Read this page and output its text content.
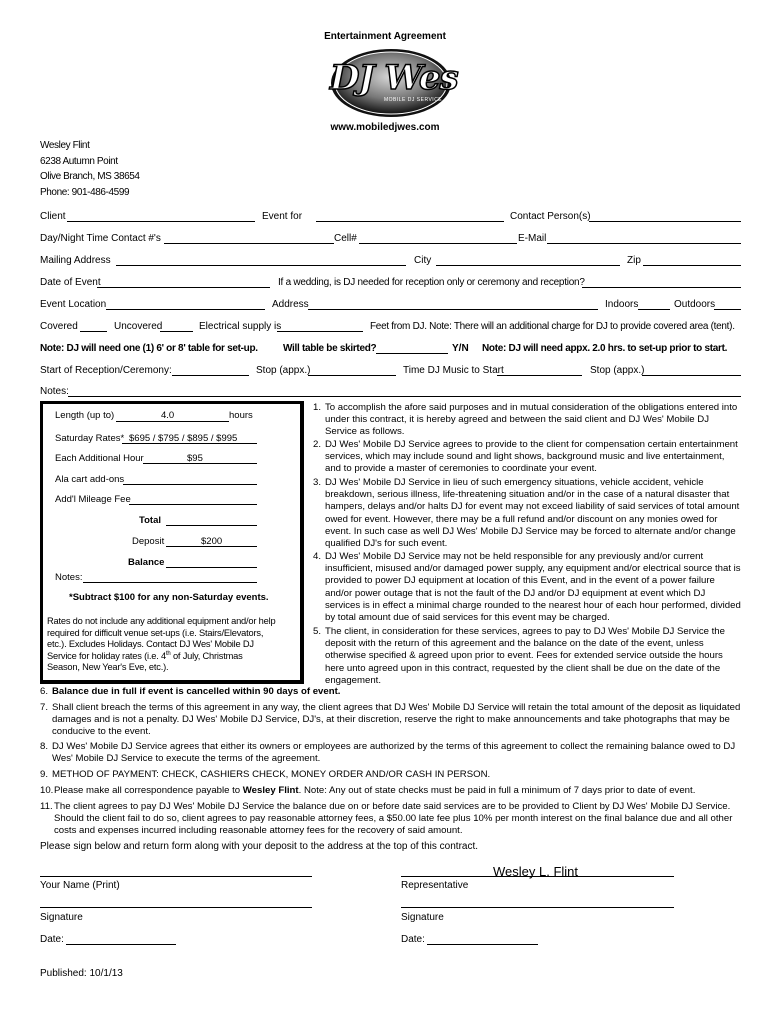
Entertainment Agreement
DJ Wes
MOBILE DJ SERVICE
www.mobiledjwes.com
Wesley Flint
6238 Autumn Point
Olive Branch, MS 38654
Phone: 901-486-4599
Client	Event for	Contact Person(s)
Day/Night Time Contact #'s	Cell#	E-Mail
Mailing Address	City	Zip
Date of Event	If a wedding, is DJ needed for reception only or ceremony and reception?
Event Location	Address	Indoors	Outdoors
Covered	Uncovered	Electrical supply is	Feet from DJ. Note: There will an additional charge for DJ to provide covered area (tent).
Note: DJ will need one (1) 6' or 8' table for set-up.	Will table be skirted?	Y/N Note: DJ will need appx. 2.0 hrs. to set-up prior to start.
Start of Reception/Ceremony:	Stop (appx.)	Time DJ Music to Start	Stop (appx.)
Notes:
Length (up to)	4.0	hours
Saturday Rates* $695 / $795 / $895 / $995
Each Additional Hour	$95
Ala cart add-ons
Add'l Mileage Fee
Total
Deposit	$200
Balance
Notes:
*Subtract $100 for any non-Saturday events.
Rates do not include any additional equipment and/or help
required for difficult venue set-ups (i.e. Stairs/Elevators,
etc.). Excludes Holidays. Contact DJ Wes' Mobile DJ
Service for holiday rates (i.e. 4th of July, Christmas
Season, New Year's Eve, etc.).
1. To accomplish the afore said purposes and in mutual consideration of the obligations entered into under this contract, it is hereby agreed and between the said client and DJ Wes' Mobile DJ Service as follows.
2. DJ Wes' Mobile DJ Service agrees to provide to the client for compensation certain entertainment services, which may include sound and light shows, background music and live entertainment, and to provide a master of ceremonies to coordinate your event.
3. DJ Wes' Mobile DJ Service in lieu of such emergency situations, vehicle accident, vehicle breakdown, serious illness, life-threatening situation and/or in the case of a natural disaster that hampers, delays and/or halts DJ for event may not exceed liability of said services of total amount owed for event. However, there may be a full refund and/or discount on any monies owed for event. In such case as well DJ Wes' Mobile DJ Service may be forced to alternate and/or change qualified DJ's for such event.
4. DJ Wes' Mobile DJ Service may not be held responsible for any previously and/or current insufficient, misused and/or damaged power supply, any equipment and/or electrical source that is provided to power DJ equipment at location of this Event, and in the event of a power failure and/or power outage that is not the fault of the DJ and/or DJ equipment at event which DJ services is in effect a minimal charge rounded to the nearest hour of each hour performed, divided by total amount due of said services for this event may be charged.
5. The client, in consideration for these services, agrees to pay to DJ Wes' Mobile DJ Service the deposit with the return of this agreement and the balance on the date of the event, unless otherwise specified & agreed upon prior to event. Fees for extended service outside the hours here unto agreed upon in this contract, requested by the client shall be due on the date of the engagement.
6. Balance due in full if event is cancelled within 90 days of event.
7. Shall client breach the terms of this agreement in any way, the client agrees that DJ Wes' Mobile DJ Service will retain the total amount of the deposit as liquidated damages and is not a penalty. DJ Wes' Mobile DJ Service, DJ's, at their discretion, reserve the right to make announcements and take photographs that may be conducive to the event.
8. DJ Wes' Mobile DJ Service agrees that either its owners or employees are authorized by the terms of this agreement to collect the remaining balance owed to DJ Wes' Mobile DJ Service to execute the terms of the agreement.
9. METHOD OF PAYMENT: CHECK, CASHIERS CHECK, MONEY ORDER AND/OR CASH IN PERSON.
10. Please make all correspondence payable to Wesley Flint. Note: Any out of state checks must be paid in full a minimum of 7 days prior to date of event.
11. The client agrees to pay DJ Wes' Mobile DJ Service the balance due on or before date said services are to be provided to Client by DJ Wes' Mobile DJ Service. Should the client fail to do so, client agrees to pay reasonable attorney fees, a $50.00 late fee plus 10% per month interest on the final balance due and all other costs and expenses incurred including reasonable attorney fees for the recovery of said amount.
Please sign below and return form along with your deposit to the address at the top of this contract.
Your Name (Print)
Wesley L. Flint
Representative
Signature	Signature
Date:	Date:
Published: 10/1/13
